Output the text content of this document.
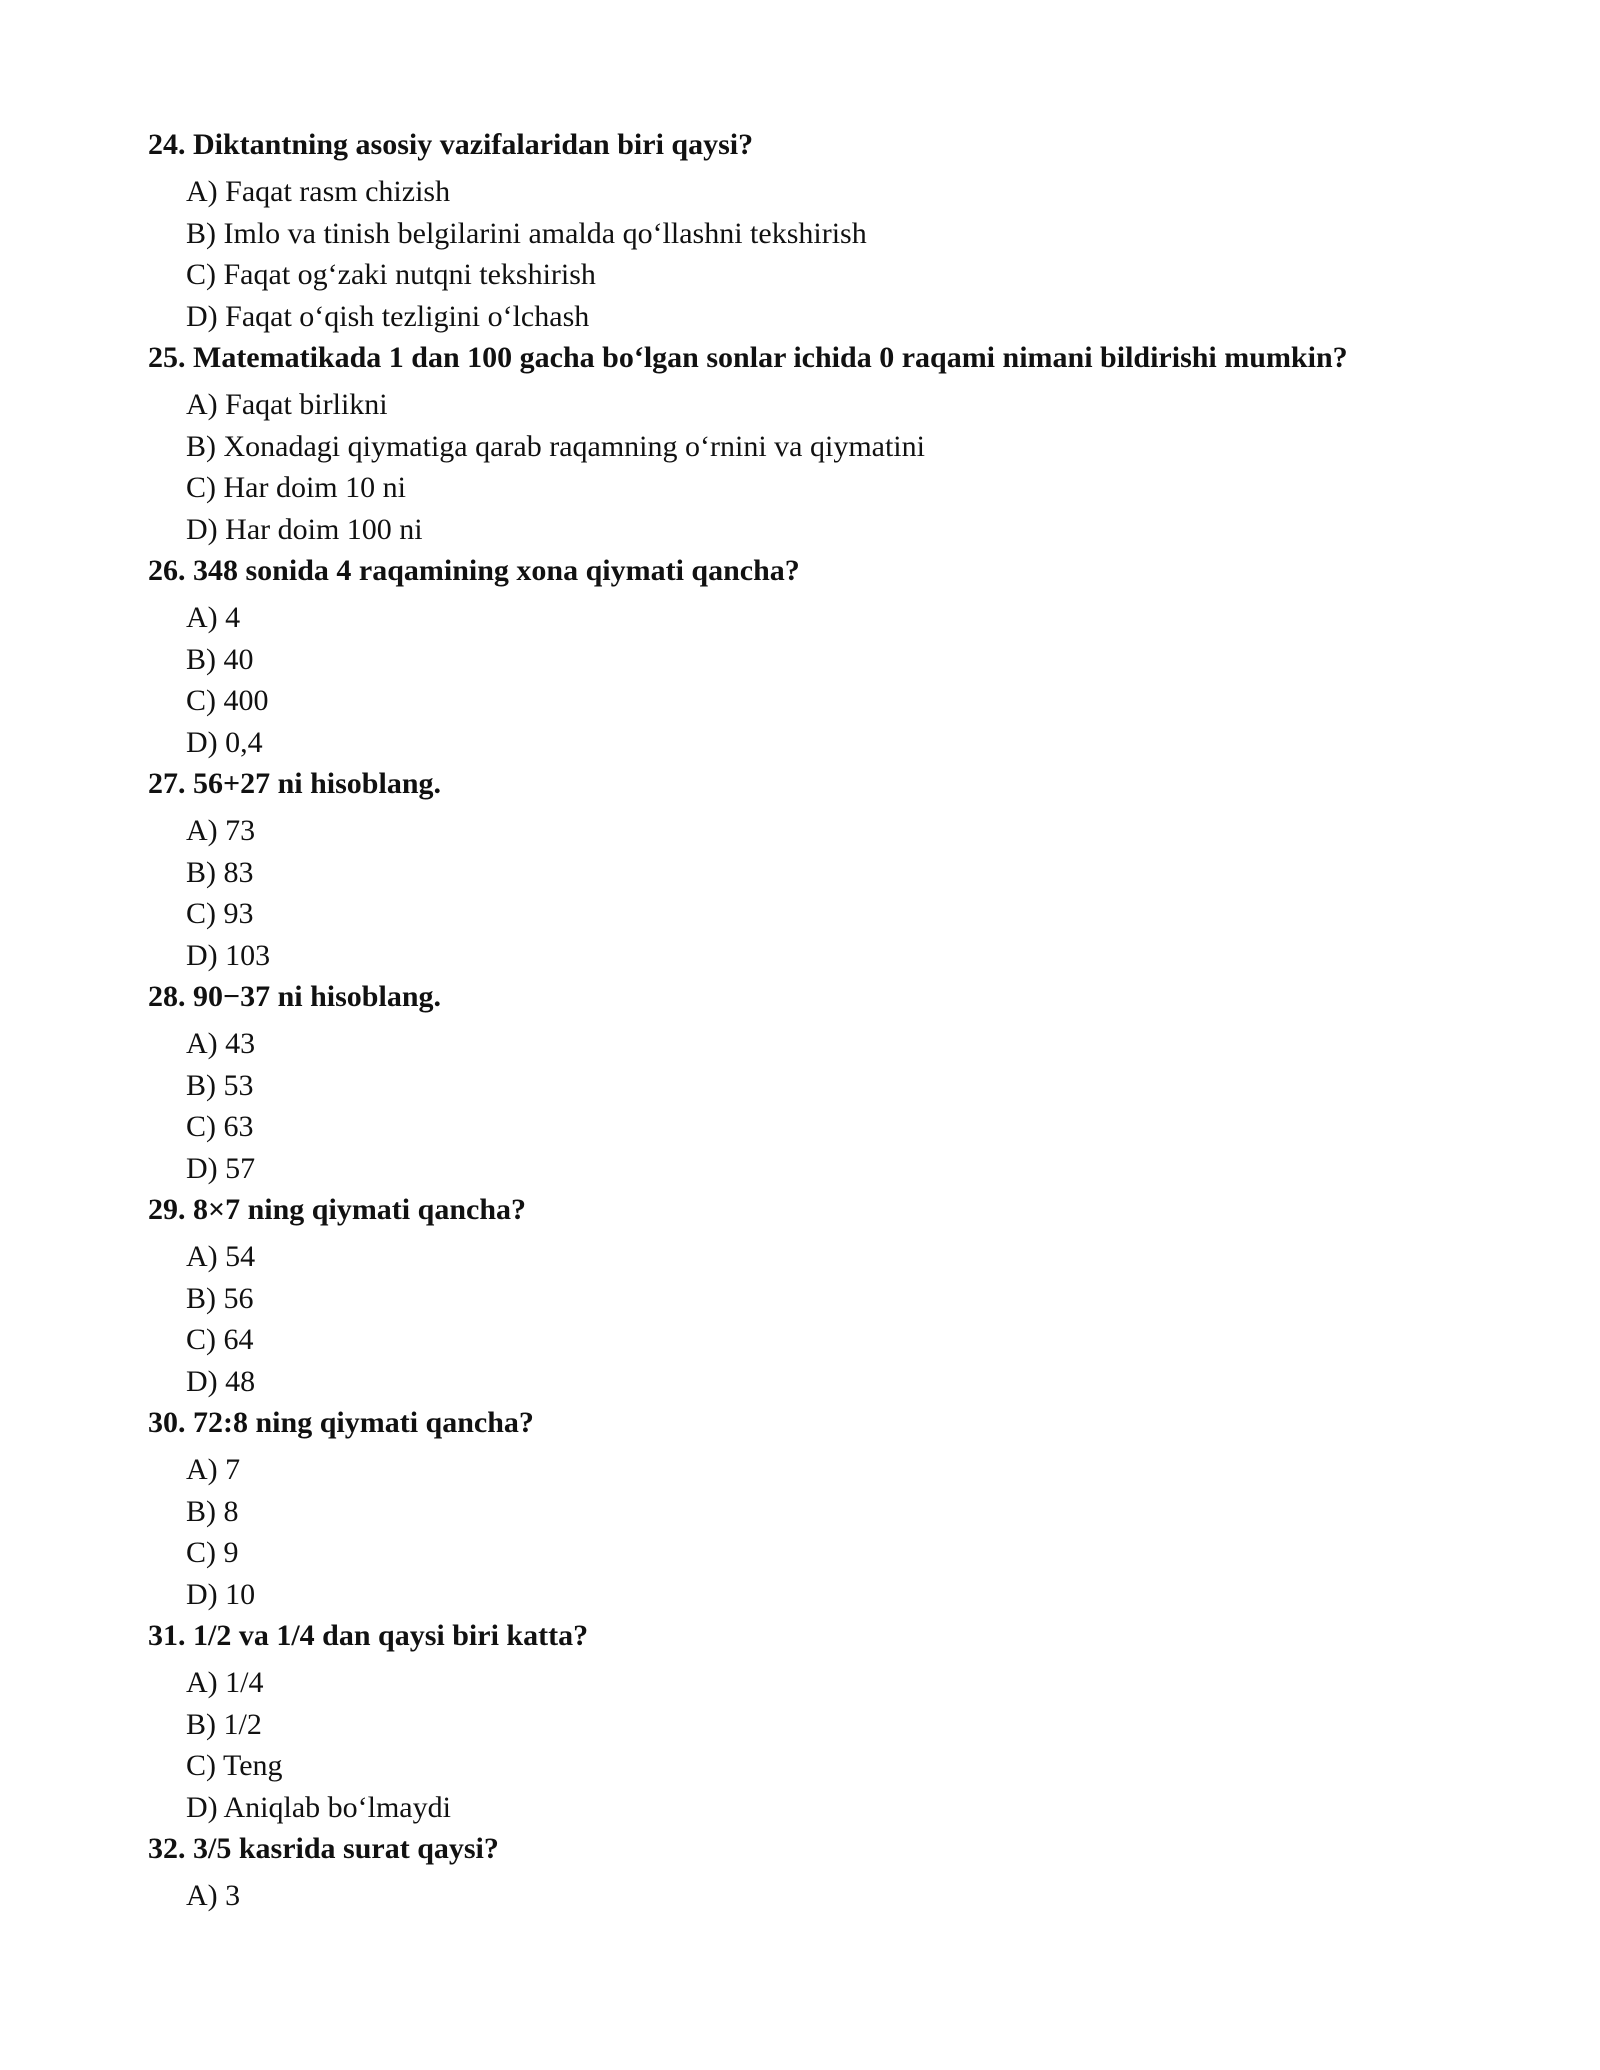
24. Diktantning asosiy vazifalaridan biri qaysi?
A) Faqat rasm chizish
B) Imlo va tinish belgilarini amalda qo‘llashni tekshirish
C) Faqat og‘zaki nutqni tekshirish
D) Faqat o‘qish tezligini o‘lchash
25. Matematikada 1 dan 100 gacha bo‘lgan sonlar ichida 0 raqami nimani bildirishi mumkin?
A) Faqat birlikni
B) Xonadagi qiymatiga qarab raqamning o‘rnini va qiymatini
C) Har doim 10 ni
D) Har doim 100 ni
26. 348 sonida 4 raqamining xona qiymati qancha?
A) 4
B) 40
C) 400
D) 0,4
27. 56+27 ni hisoblang.
A) 73
B) 83
C) 93
D) 103
28. 90−37 ni hisoblang.
A) 43
B) 53
C) 63
D) 57
29. 8×7 ning qiymati qancha?
A) 54
B) 56
C) 64
D) 48
30. 72:8 ning qiymati qancha?
A) 7
B) 8
C) 9
D) 10
31. 1/2 va 1/4 dan qaysi biri katta?
A) 1/4
B) 1/2
C) Teng
D) Aniqlab bo‘lmaydi
32. 3/5 kasrida surat qaysi?
A) 3
